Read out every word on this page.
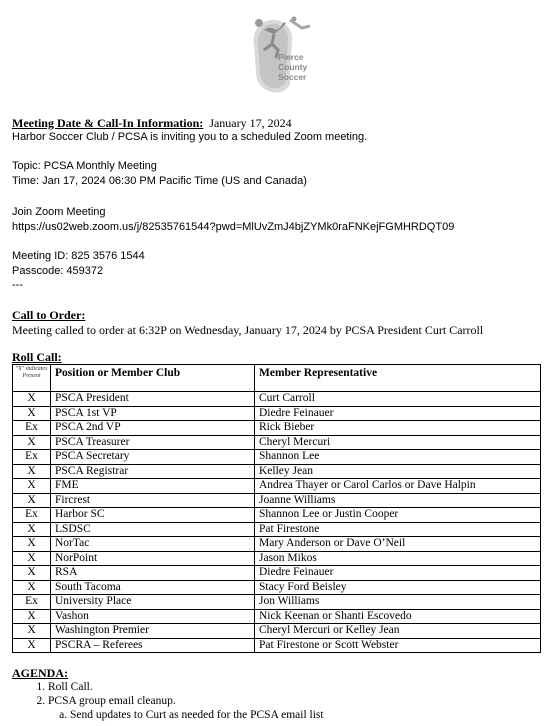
Pierce
County
Soccer
Meeting Date & Call-In Information: January 17, 2024
Harbor Soccer Club / PCSA is inviting you to a scheduled Zoom meeting.
Topic: PCSA Monthly Meeting
Time: Jan 17, 2024 06:30 PM Pacific Time (US and Canada)
Join Zoom Meeting
https://us02web.zoom.us/j/82535761544?pwd=MlUvZmJ4bjZYMk0raFNKejFGMHRDQT09
Meeting ID: 825 3576 1544
Passcode: 459372
---
Call to Order:
Meeting called to order at 6:32P on Wednesday, January 17, 2024 by PCSA President Curt Carroll
Roll Call:
"X" indicates Present	Position or Member Club	Member Representative
X	PSCA President	Curt Carroll
X	PSCA 1st VP	Diedre Feinauer
Ex	PSCA 2nd VP	Rick Bieber
X	PSCA Treasurer	Cheryl Mercuri
Ex	PSCA Secretary	Shannon Lee
X	PSCA Registrar	Kelley Jean
X	FME	Andrea Thayer or Carol Carlos or Dave Halpin
X	Fircrest	Joanne Williams
Ex	Harbor SC	Shannon Lee or Justin Cooper
X	LSDSC	Pat Firestone
X	NorTac	Mary Anderson or Dave O’Neil
X	NorPoint	Jason Mikos
X	RSA	Diedre Feinauer
X	South Tacoma	Stacy Ford Beisley
Ex	University Place	Jon Williams
X	Vashon	Nick Keenan or Shanti Escovedo
X	Washington Premier	Cheryl Mercuri or Kelley Jean
X	PSCRA – Referees	Pat Firestone or Scott Webster
AGENDA:
1. Roll Call.
2. PCSA group email cleanup.
a. Send updates to Curt as needed for the PCSA email list
